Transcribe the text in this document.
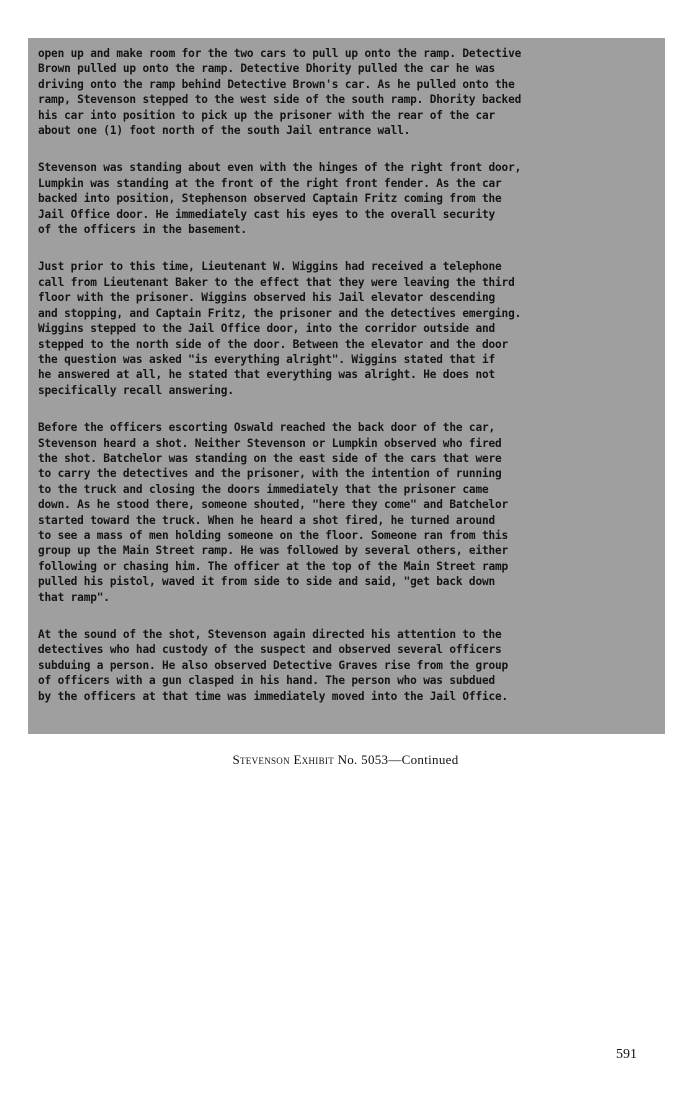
open up and make room for the two cars to pull up onto the ramp. Detective
Brown pulled up onto the ramp. Detective Dhority pulled the car he was
driving onto the ramp behind Detective Brown's car. As he pulled onto the
ramp, Stevenson stepped to the west side of the south ramp. Dhority backed
his car into position to pick up the prisoner with the rear of the car
about one (1) foot north of the south Jail entrance wall.

Stevenson was standing about even with the hinges of the right front door,
Lumpkin was standing at the front of the right front fender. As the car
backed into position, Stephenson observed Captain Fritz coming from the
Jail Office door. He immediately cast his eyes to the overall security
of the officers in the basement.

Just prior to this time, Lieutenant W. Wiggins had received a telephone
call from Lieutenant Baker to the effect that they were leaving the third
floor with the prisoner. Wiggins observed his Jail elevator descending
and stopping, and Captain Fritz, the prisoner and the detectives emerging.
Wiggins stepped to the Jail Office door, into the corridor outside and
stepped to the north side of the door. Between the elevator and the door
the question was asked "is everything alright". Wiggins stated that if
he answered at all, he stated that everything was alright. He does not
specifically recall answering.

Before the officers escorting Oswald reached the back door of the car,
Stevenson heard a shot. Neither Stevenson or Lumpkin observed who fired
the shot. Batchelor was standing on the east side of the cars that were
to carry the detectives and the prisoner, with the intention of running
to the truck and closing the doors immediately that the prisoner came
down. As he stood there, someone shouted, "here they come" and Batchelor
started toward the truck. When he heard a shot fired, he turned around
to see a mass of men holding someone on the floor. Someone ran from this
group up the Main Street ramp. He was followed by several others, either
following or chasing him. The officer at the top of the Main Street ramp
pulled his pistol, waved it from side to side and said, "get back down
that ramp".

At the sound of the shot, Stevenson again directed his attention to the
detectives who had custody of the suspect and observed several officers
subduing a person. He also observed Detective Graves rise from the group
of officers with a gun clasped in his hand. The person who was subdued
by the officers at that time was immediately moved into the Jail Office.

Stevenson Exhibit No. 5053—Continued
591
